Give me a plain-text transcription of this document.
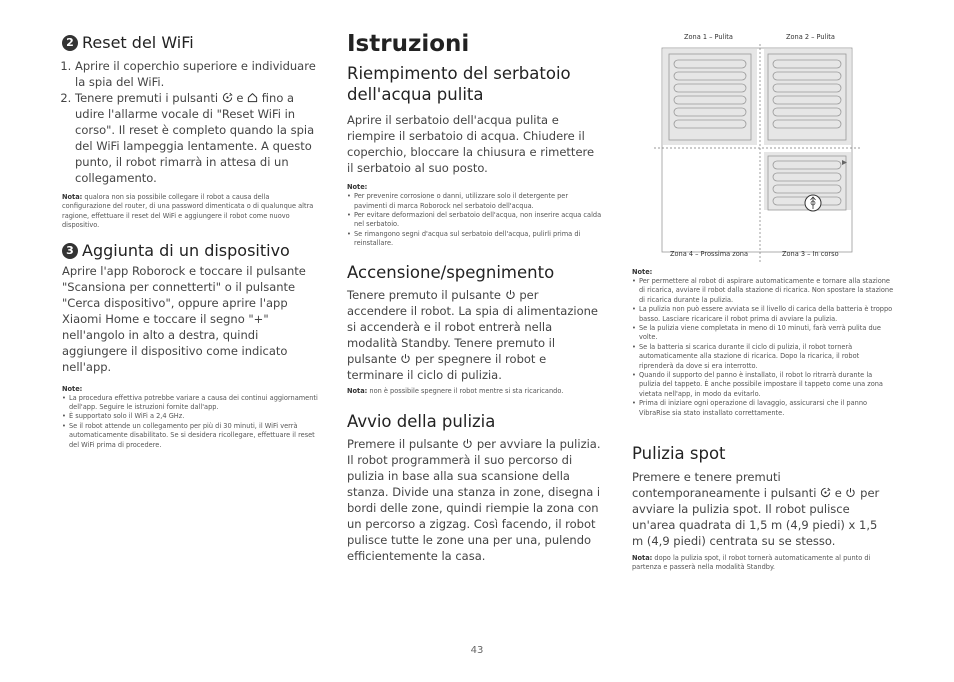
2 Reset del WiFi
1. Aprire il coperchio superiore e individuare la spia del WiFi.
2. Tenere premuti i pulsanti e fino a udire l'allarme vocale di "Reset WiFi in corso". Il reset è completo quando la spia del WiFi lampeggia lentamente. A questo punto, il robot rimarrà in attesa di un collegamento.

Nota: qualora non sia possibile collegare il robot a causa della configurazione del router, di una password dimenticata o di qualunque altra ragione, effettuare il reset del WiFi e aggiungere il robot come nuovo dispositivo.

3 Aggiunta di un dispositivo

Aprire l'app Roborock e toccare il pulsante "Scansiona per connetterti" o il pulsante "Cerca dispositivo", oppure aprire l'app Xiaomi Home e toccare il segno "+" nell'angolo in alto a destra, quindi aggiungere il dispositivo come indicato nell'app.

Note:

• La procedura effettiva potrebbe variare a causa dei continui aggiornamenti dell'app. Seguire le istruzioni fornite dall'app.
• È supportato solo il WiFi a 2,4 GHz.
• Se il robot attende un collegamento per più di 30 minuti, il WiFi verrà automaticamente disabilitato. Se si desidera ricollegare, effettuare il reset del WiFi prima di procedere.
Istruzioni
Riempimento del serbatoio dell'acqua pulita

Aprire il serbatoio dell'acqua pulita e riempire il serbatoio di acqua. Chiudere il coperchio, bloccare la chiusura e rimettere il serbatoio al suo posto.

Note:

• Per prevenire corrosione o danni, utilizzare solo il detergente per pavimenti di marca Roborock nel serbatoio dell'acqua.
• Per evitare deformazioni del serbatoio dell'acqua, non inserire acqua calda nel serbatoio.
• Se rimangono segni d'acqua sul serbatoio dell'acqua, pulirli prima di reinstallare.
Accensione/spegnimento

Tenere premuto il pulsante per accendere il robot. La spia di alimentazione si accenderà e il robot entrerà nella modalità Standby. Tenere premuto il pulsante per spegnere il robot e terminare il ciclo di pulizia.

Nota: non è possibile spegnere il robot mentre si sta ricaricando.

Avvio della pulizia

Premere il pulsante per avviare la pulizia. Il robot programmerà il suo percorso di pulizia in base alla sua scansione della stanza. Divide una stanza in zone, disegna i bordi delle zone, quindi riempie la zona con un percorso a zigzag. Così facendo, il robot pulisce tutte le zone una per una, pulendo efficientemente la casa.

Zona 1 – Pulita	Zona 2 – Pulita
Zona 4 – Prossima zona	Zona 3 – In corso

Note:

• Per permettere al robot di aspirare automaticamente e tornare alla stazione di ricarica, avviare il robot dalla stazione di ricarica. Non spostare la stazione di ricarica durante la pulizia.
• La pulizia non può essere avviata se il livello di carica della batteria è troppo basso. Lasciare ricaricare il robot prima di avviare la pulizia.
• Se la pulizia viene completata in meno di 10 minuti, farà verrà pulita due volte.
• Se la batteria si scarica durante il ciclo di pulizia, il robot tornerà automaticamente alla stazione di ricarica. Dopo la ricarica, il robot riprenderà da dove si era interrotto.
• Quando il supporto del panno è installato, il robot lo ritrarrà durante la pulizia del tappeto. È anche possibile impostare il tappeto come una zona vietata nell'app, in modo da evitarlo.
• Prima di iniziare ogni operazione di lavaggio, assicurarsi che il panno VibraRise sia stato installato correttamente.
Pulizia spot

Premere e tenere premuti contemporaneamente i pulsanti e per avviare la pulizia spot. Il robot pulisce un'area quadrata di 1,5 m (4,9 piedi) x 1,5 m (4,9 piedi) centrata su se stesso.

Nota: dopo la pulizia spot, il robot tornerà automaticamente al punto di partenza e passerà nella modalità Standby.

43
